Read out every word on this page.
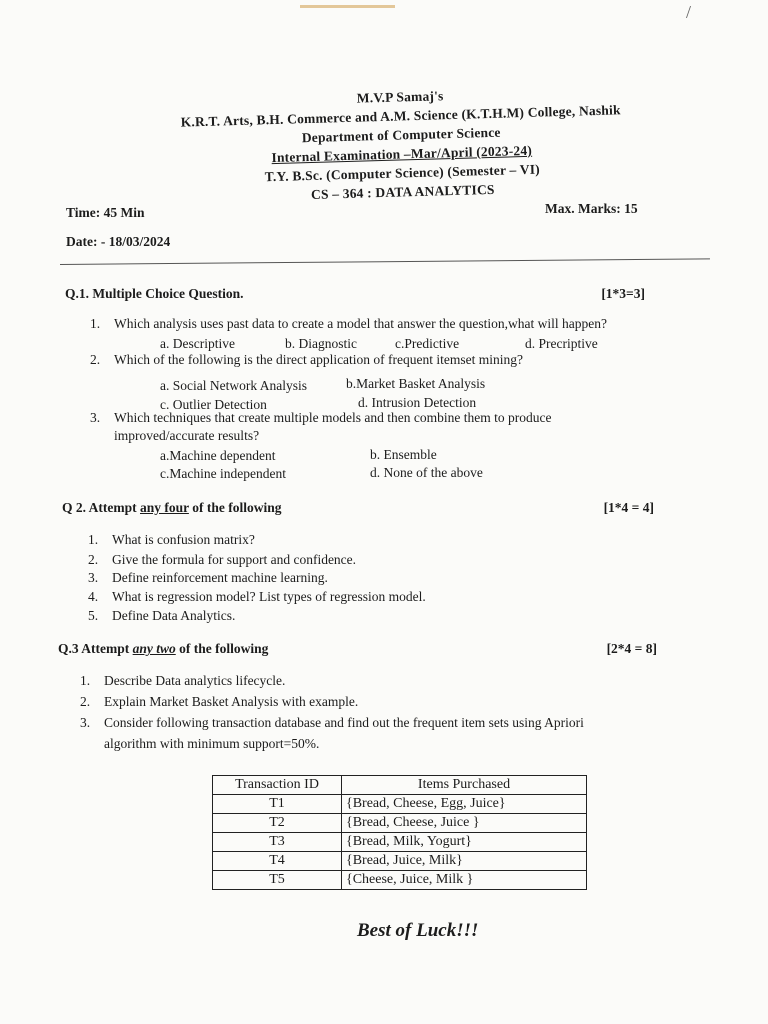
/
M.V.P Samaj's
K.R.T. Arts, B.H. Commerce and A.M. Science (K.T.H.M) College, Nashik
Department of Computer Science
Internal Examination –Mar/April (2023-24)
T.Y. B.Sc. (Computer Science) (Semester – VI)
CS – 364 : DATA ANALYTICS
Time: 45 Min	Max. Marks: 15
Date: - 18/03/2024
Q.1. Multiple Choice Question.	[1*3=3]
1. Which analysis uses past data to create a model that answer the question,what will happen?
a. Descriptive	b. Diagnostic	c.Predictive	d. Precriptive
2. Which of the following is the direct application of frequent itemset mining?
a. Social Network Analysis	b.Market Basket Analysis
c. Outlier Detection	d. Intrusion Detection
3. Which techniques that create multiple models and then combine them to produce
improved/accurate results?
a.Machine dependent	b. Ensemble
c.Machine independent	d. None of the above
Q 2. Attempt any four of the following	[1*4 = 4]
1. What is confusion matrix?
2. Give the formula for support and confidence.
3. Define reinforcement machine learning.
4. What is regression model? List types of regression model.
5. Define Data Analytics.
Q.3 Attempt any two of the following	[2*4 = 8]
1. Describe Data analytics lifecycle.
2. Explain Market Basket Analysis with example.
3. Consider following transaction database and find out the frequent item sets using Apriori
algorithm with minimum support=50%.
Transaction ID	Items Purchased
T1	{Bread, Cheese, Egg, Juice}
T2	{Bread, Cheese, Juice }
T3	{Bread, Milk, Yogurt}
T4	{Bread, Juice, Milk}
T5	{Cheese, Juice, Milk }
Best of Luck!!!
